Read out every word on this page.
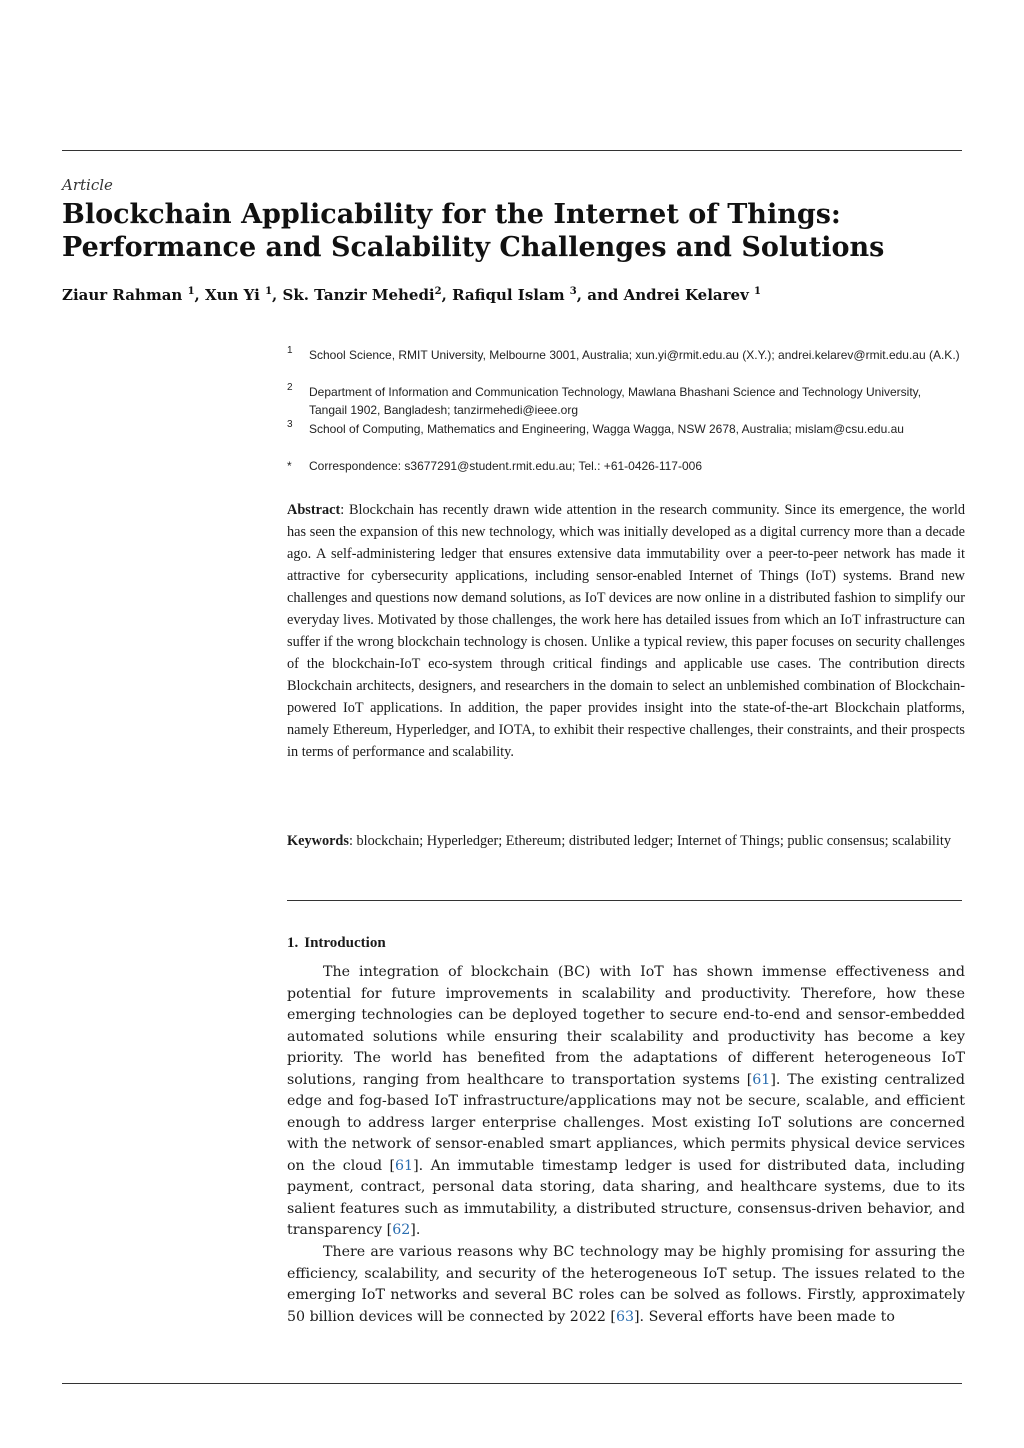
Article
Blockchain Applicability for the Internet of Things: Performance and Scalability Challenges and Solutions
Ziaur Rahman $^1$, Xun Yi $^1$, Sk. Tanzir Mehedi$^2$, Rafiqul Islam $^3$, and Andrei Kelarev $^1$
1 School Science, RMIT University, Melbourne 3001, Australia; xun.yi@rmit.edu.au (X.Y.); andrei.kelarev@rmit.edu.au (A.K.)
2 Department of Information and Communication Technology, Mawlana Bhashani Science and Technology University, Tangail 1902, Bangladesh; tanzirmehedi@ieee.org
3 School of Computing, Mathematics and Engineering, Wagga Wagga, NSW 2678, Australia; mislam@csu.edu.au
* Correspondence: s3677291@student.rmit.edu.au; Tel.: +61-0426-117-006
Abstract: Blockchain has recently drawn wide attention in the research community. Since its emergence, the world has seen the expansion of this new technology, which was initially developed as a digital currency more than a decade ago. A self-administering ledger that ensures extensive data immutability over a peer-to-peer network has made it attractive for cybersecurity applications, including sensor-enabled Internet of Things (IoT) systems. Brand new challenges and questions now demand solutions, as IoT devices are now online in a distributed fashion to simplify our everyday lives. Motivated by those challenges, the work here has detailed issues from which an IoT infrastructure can suffer if the wrong blockchain technology is chosen. Unlike a typical review, this paper focuses on security challenges of the blockchain-IoT eco-system through critical findings and applicable use cases. The contribution directs Blockchain architects, designers, and researchers in the domain to select an unblemished combination of Blockchain-powered IoT applications. In addition, the paper provides insight into the state-of-the-art Blockchain platforms, namely Ethereum, Hyperledger, and IOTA, to exhibit their respective challenges, their constraints, and their prospects in terms of performance and scalability.
Keywords: blockchain; Hyperledger; Ethereum; distributed ledger; Internet of Things; public consensus; scalability
1. Introduction

The integration of blockchain (BC) with IoT has shown immense effectiveness and potential for future improvements in scalability and productivity. Therefore, how these emerging technologies can be deployed together to secure end-to-end and sensor-embedded automated solutions while ensuring their scalability and productivity has become a key priority. The world has benefited from the adaptations of different heterogeneous IoT solutions, ranging from healthcare to transportation systems [61]. The existing centralized edge and fog-based IoT infrastructure/applications may not be secure, scalable, and efficient enough to address larger enterprise challenges. Most existing IoT solutions are concerned with the network of sensor-enabled smart appliances, which permits physical device services on the cloud [61]. An immutable timestamp ledger is used for distributed data, including payment, contract, personal data storing, data sharing, and healthcare systems, due to its salient features such as immutability, a distributed structure, consensus-driven behavior, and transparency [62].

There are various reasons why BC technology may be highly promising for assuring the efficiency, scalability, and security of the heterogeneous IoT setup. The issues related to the emerging IoT networks and several BC roles can be solved as follows. Firstly, approximately 50 billion devices will be connected by 2022 [63]. Several efforts have been made to
